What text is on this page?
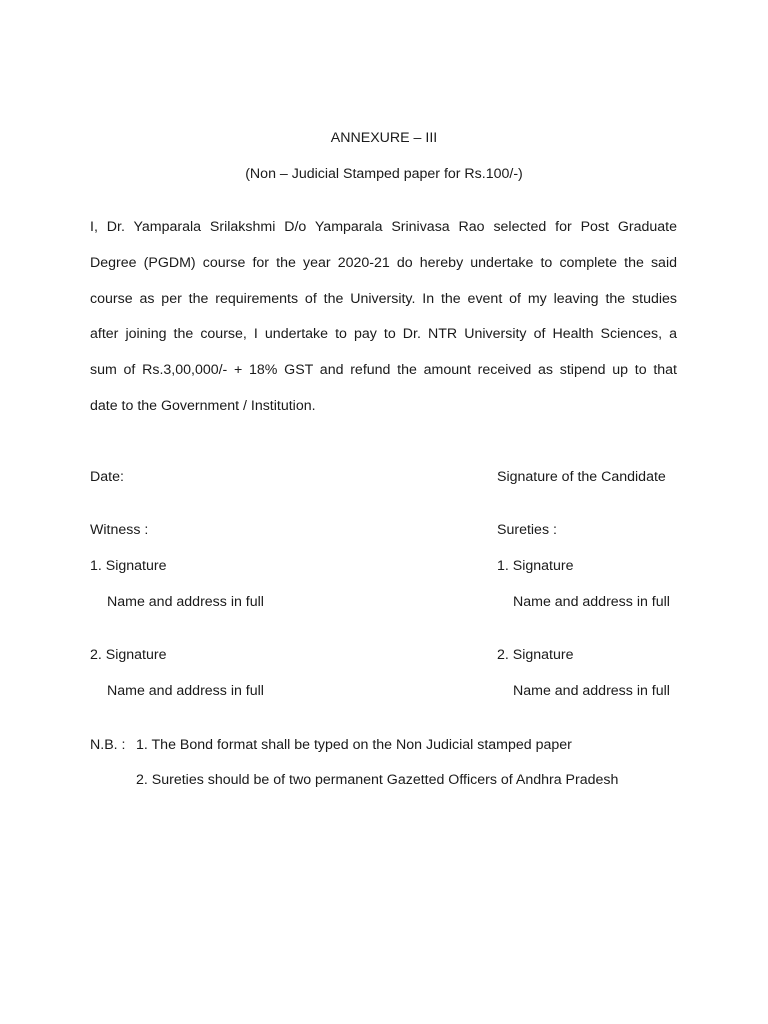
ANNEXURE – III
(Non – Judicial Stamped paper for Rs.100/-)
I, Dr. Yamparala Srilakshmi D/o Yamparala Srinivasa Rao selected for Post Graduate
Degree (PGDM) course for the year 2020-21 do hereby undertake to complete the said
course as per the requirements of the University. In the event of my leaving the studies
after joining the course, I undertake to pay to Dr. NTR University of Health Sciences, a
sum of Rs.3,00,000/- + 18% GST and refund the amount received as stipend up to that
date to the Government / Institution.
Date:	Signature of the Candidate
Witness :	Sureties :
1. Signature	1. Signature
Name and address in full	Name and address in full
2. Signature	2. Signature
Name and address in full	Name and address in full
N.B. : 1. The Bond format shall be typed on the Non Judicial stamped paper
2. Sureties should be of two permanent Gazetted Officers of Andhra Pradesh
